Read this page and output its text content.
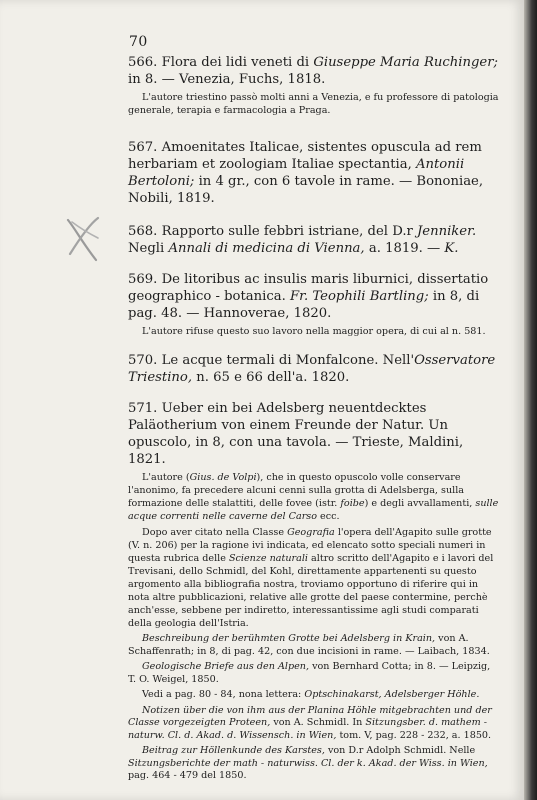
70

566. Flora dei lidi veneti di Giuseppe Maria Ruchinger; in 8. — Venezia, Fuchs, 1818.

L'autore triestino passò molti anni a Venezia, e fu professore di patologia generale, terapia e farmacologia a Praga.

567. Amoenitates Italicae, sistentes opuscula ad rem herbariam et zoologiam Italiae spectantia, Antonii Bertoloni; in 4 gr., con 6 tavole in rame. — Bononiae, Nobili, 1819.

568. Rapporto sulle febbri istriane, del D.r Jenniker. Negli Annali di medicina di Vienna, a. 1819. — K.

569. De litoribus ac insulis maris liburnici, dissertatio geographico - botanica. Fr. Teophili Bartling; in 8, di pag. 48. — Hannoverae, 1820.

L'autore rifuse questo suo lavoro nella maggior opera, di cui al n. 581.

570. Le acque termali di Monfalcone. Nell'Osservatore Triestino, n. 65 e 66 dell'a. 1820.

571. Ueber ein bei Adelsberg neuentdecktes Paläotherium von einem Freunde der Natur. Un opuscolo, in 8, con una tavola. — Trieste, Maldini, 1821.

L'autore (Gius. de Volpi), che in questo opuscolo volle conservare l'anonimo, fa precedere alcuni cenni sulla grotta di Adelsberga, sulla formazione delle stalattiti, delle fovee (istr. foibe) e degli avvallamenti, sulle acque correnti nelle caverne del Carso ecc.

Dopo aver citato nella Classe Geografia l'opera dell'Agapito sulle grotte (V. n. 206) per la ragione ivi indicata, ed elencato sotto speciali numeri in questa rubrica delle Scienze naturali altro scritto dell'Agapito e i lavori del Trevisani, dello Schmidl, del Kohl, direttamente appartenenti su questo argomento alla bibliografia nostra, troviamo opportuno di riferire qui in nota altre pubblicazioni, relative alle grotte del paese contermine, perchè anch'esse, sebbene per indiretto, interessantissime agli studi comparati della geologia dell'Istria.

Beschreibung der berühmten Grotte bei Adelsberg in Krain, von A. Schaffenrath; in 8, di pag. 42, con due incisioni in rame. — Laibach, 1834.

Geologische Briefe aus den Alpen, von Bernhard Cotta; in 8. — Leipzig, T. O. Weigel, 1850.

Vedi a pag. 80 - 84, nona lettera: Optschinakarst, Adelsberger Höhle.

Notizen über die von ihm aus der Planina Höhle mitgebrachten und der Classe vorgezeigten Proteen, von A. Schmidl. In Sitzungsber. d. mathem - naturw. Cl. d. Akad. d. Wissensch. in Wien, tom. V, pag. 228 - 232, a. 1850.

Beitrag zur Höllenkunde des Karstes, von D.r Adolph Schmidl. Nelle Sitzungsberichte der math - naturwiss. Cl. der k. Akad. der Wiss. in Wien, pag. 464 - 479 del 1850.
